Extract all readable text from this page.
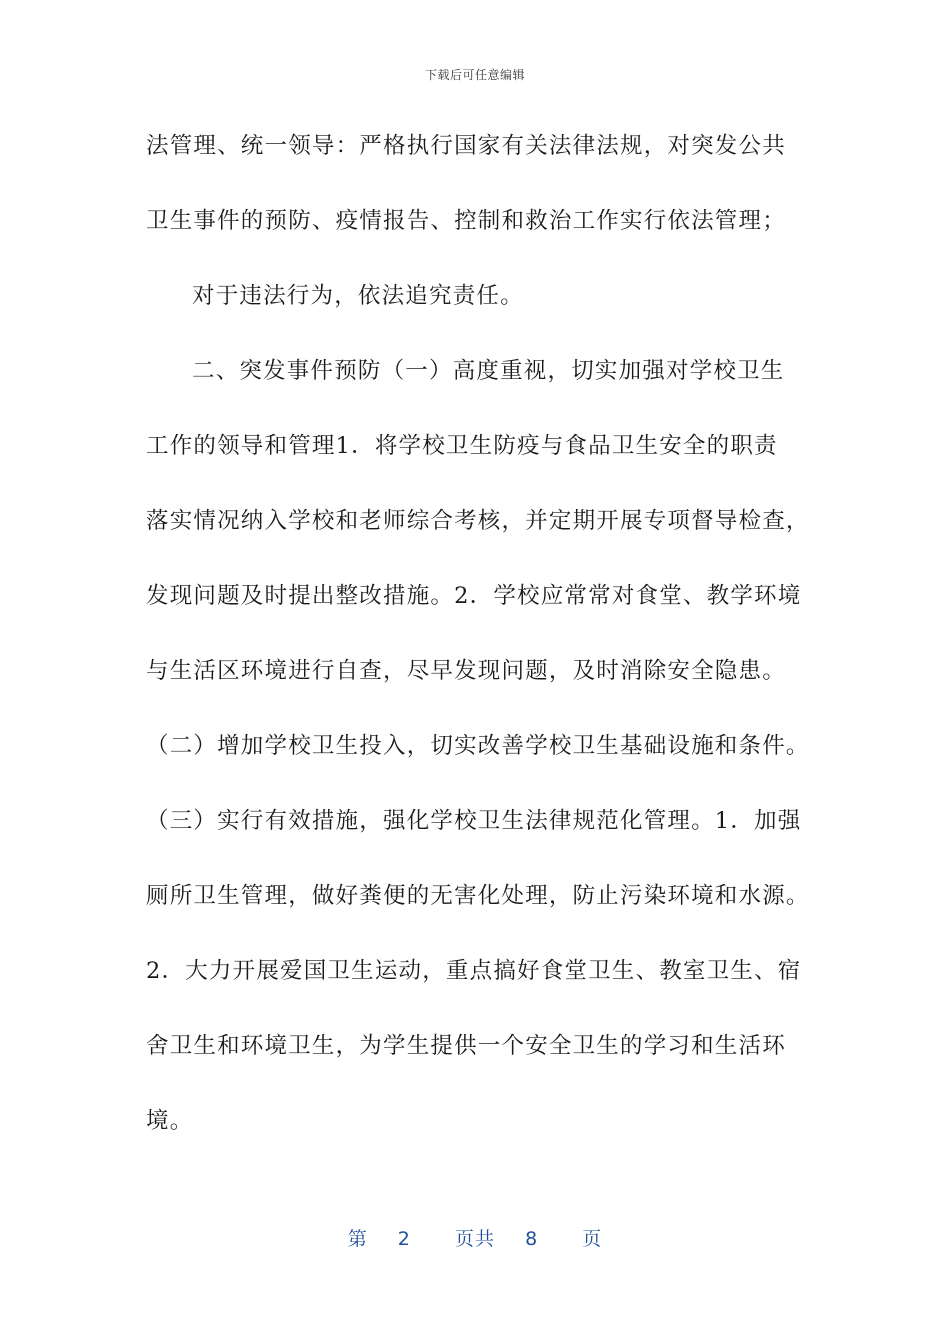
下载后可任意编辑
法管理、统一领导：严格执行国家有关法律法规，对突发公共
卫生事件的预防、疫情报告、控制和救治工作实行依法管理；
对于违法行为，依法追究责任。
二、突发事件预防（一）高度重视，切实加强对学校卫生
工作的领导和管理1．将学校卫生防疫与食品卫生安全的职责
落实情况纳入学校和老师综合考核，并定期开展专项督导检查，
发现问题及时提出整改措施。2．学校应常常对食堂、教学环境
与生活区环境进行自查，尽早发现问题，及时消除安全隐患。
（二）增加学校卫生投入，切实改善学校卫生基础设施和条件。
（三）实行有效措施，强化学校卫生法律规范化管理。1．加强
厕所卫生管理，做好粪便的无害化处理，防止污染环境和水源。
2．大力开展爱国卫生运动，重点搞好食堂卫生、教室卫生、宿
舍卫生和环境卫生，为学生提供一个安全卫生的学习和生活环
境。
第 2 页共 8 页
